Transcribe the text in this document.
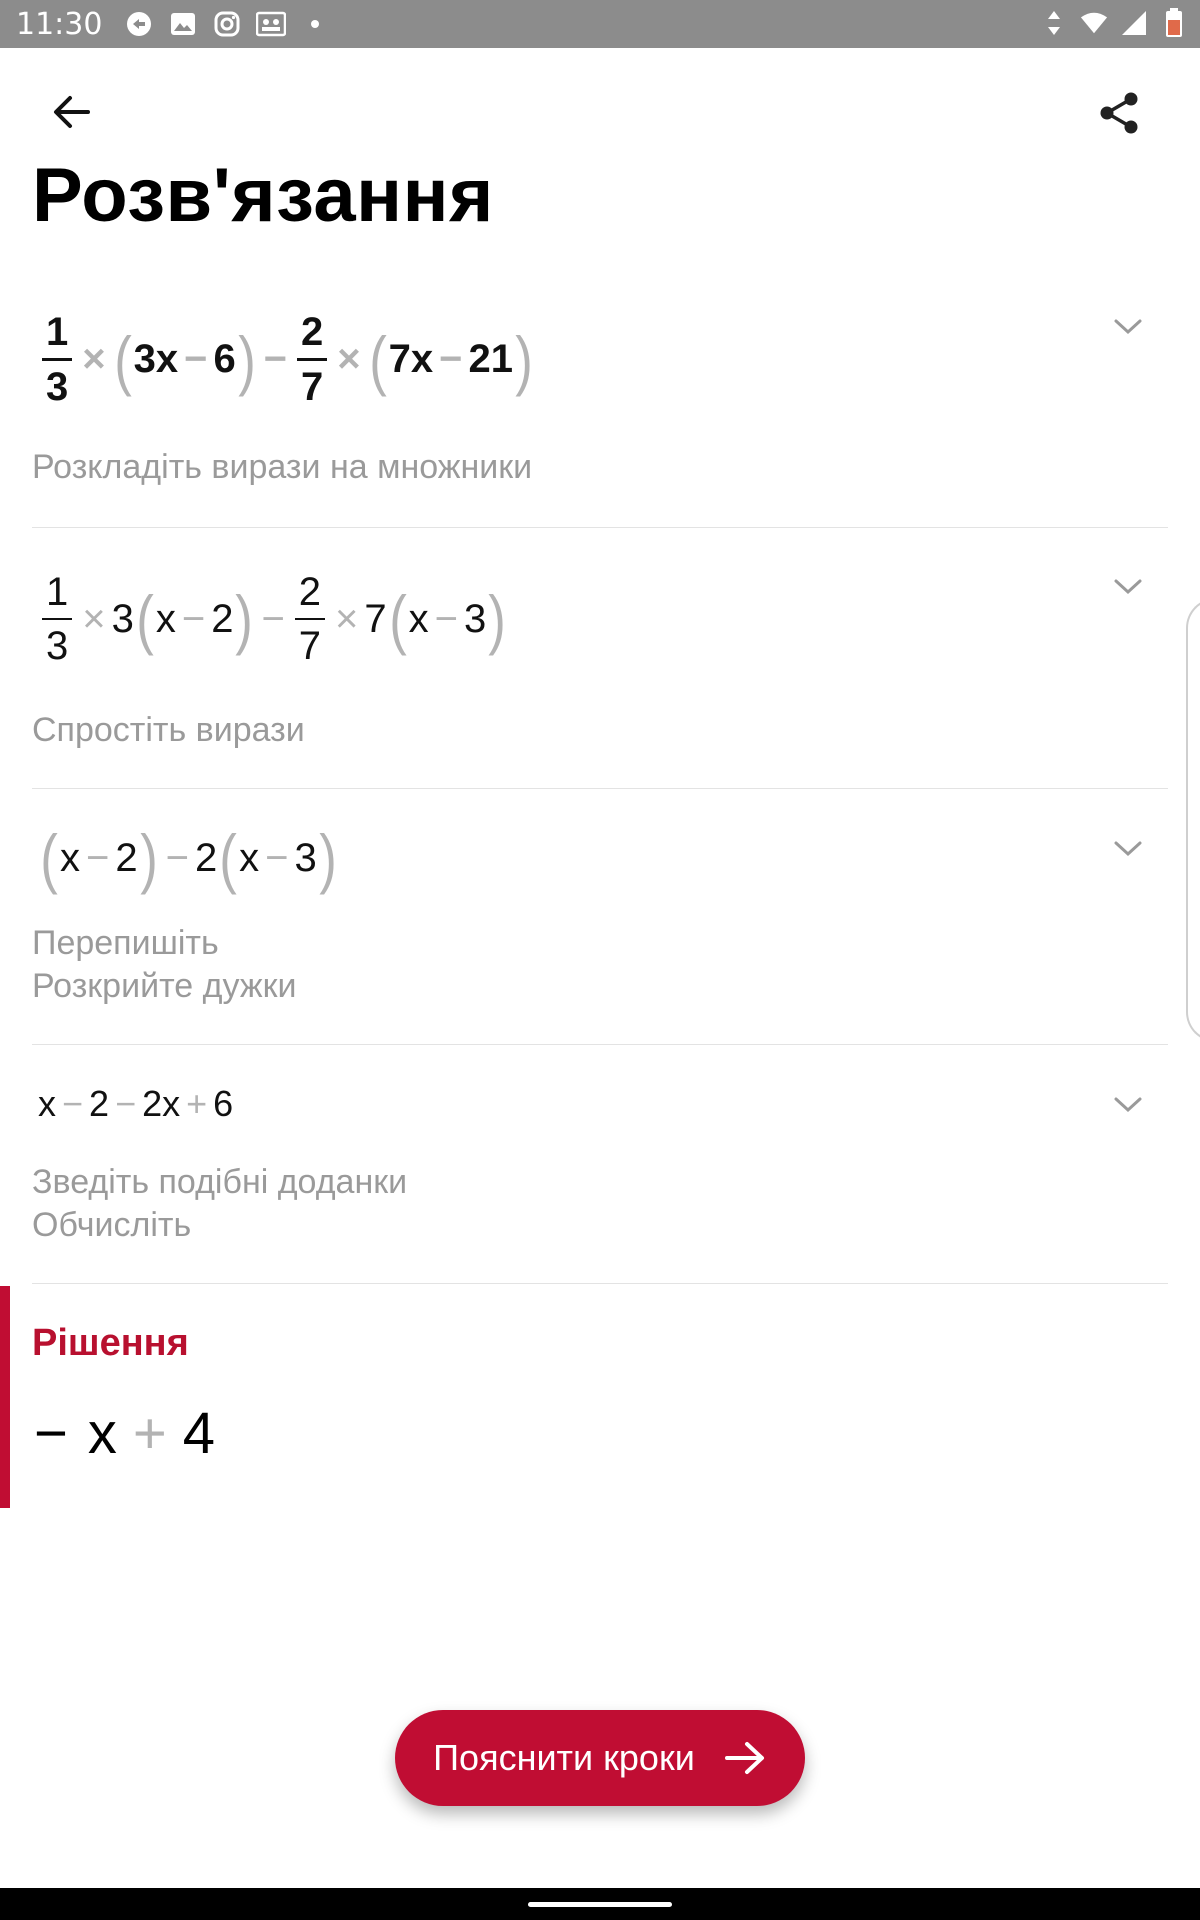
11:30
Розв'язання
$\frac{1}{3}$ × ( 3x − 6 ) − $\frac{2}{7}$ × ( 7x − 21 )
Розкладіть вирази на множники
$\frac{1}{3} \times 3$ ( x − 2 ) − $\frac{2}{7} \times 7$ ( x − 3 )
Спростіть вирази
( x − 2 ) − 2 ( x − 3 )
Перепишіть
Розкрийте дужки
x − 2 − 2x + 6
Зведіть подібні доданки
Обчисліть
Рішення
− x + 4
Пояснити кроки
